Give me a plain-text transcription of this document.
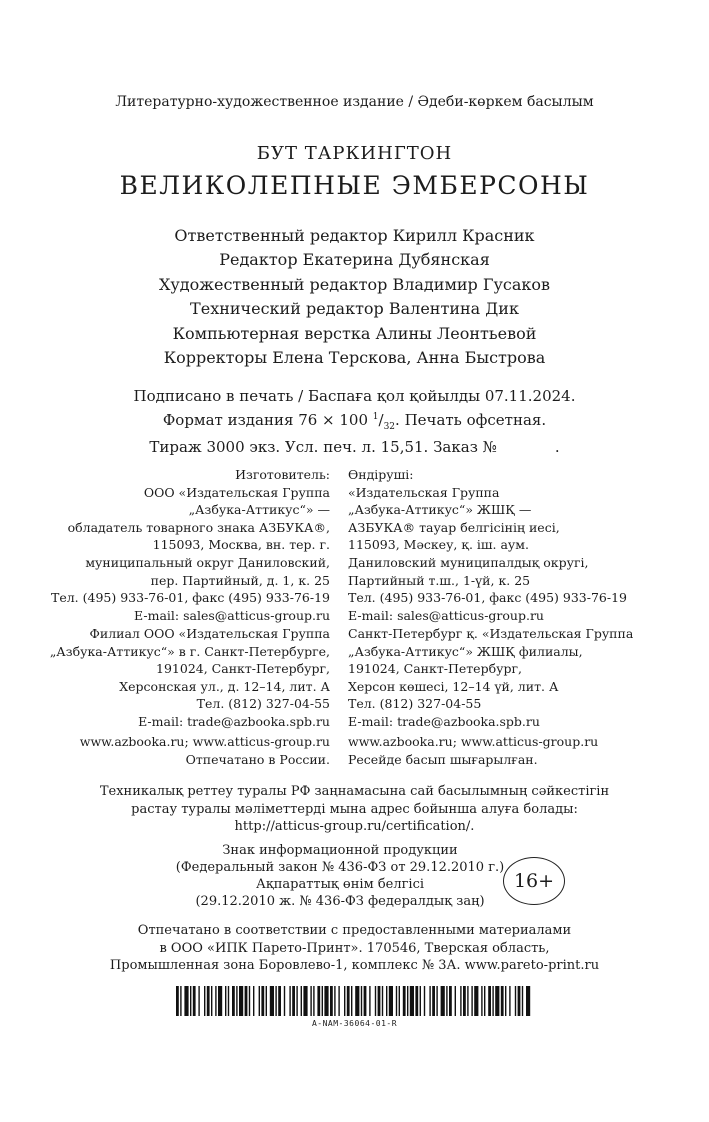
Литературно-художественное издание / Әдеби-көркем басылым
БУТ ТАРКИНГТОН
ВЕЛИКОЛЕПНЫЕ ЭМБЕРСОНЫ
Ответственный редактор Кирилл Красник
Редактор Екатерина Дубянская
Художественный редактор Владимир Гусаков
Технический редактор Валентина Дик
Компьютерная верстка Алины Леонтьевой
Корректоры Елена Терскова, Анна Быстрова
Подписано в печать / Баспаға қол қойылды 07.11.2024.
Формат издания 76 × 100 $^1/_{32}$. Печать офсетная.
Тираж 3000 экз. Усл. печ. л. 15,51. Заказ №	.
Изготовитель:
ООО «Издательская Группа
„Азбука-Аттикус“» —
обладатель товарного знака АЗБУКА®,
115093, Москва, вн. тер. г.
муниципальный округ Даниловский,
пер. Партийный, д. 1, к. 25
Тел. (495) 933-76-01, факс (495) 933-76-19
E-mail: sales@atticus-group.ru
Өндіруші:
«Издательская Группа
„Азбука-Аттикус“» ЖШҚ —
АЗБУКА® тауар белгісінің иесі,
115093, Мәскеу, қ. іш. аум.
Даниловский муниципалдық округі,
Партийный т.ш., 1-үй, к. 25
Тел. (495) 933-76-01, факс (495) 933-76-19
E-mail: sales@atticus-group.ru
Филиал ООО «Издательская Группа
„Азбука-Аттикус“» в г. Санкт-Петербурге,
191024, Санкт-Петербург,
Херсонская ул., д. 12–14, лит. А
Тел. (812) 327-04-55
E-mail: trade@azbooka.spb.ru
Санкт-Петербург қ. «Издательская Группа
„Азбука-Аттикус“» ЖШҚ филиалы,
191024, Санкт-Петербург,
Херсон көшесі, 12–14 үй, лит. А
Тел. (812) 327-04-55
E-mail: trade@azbooka.spb.ru
www.azbooka.ru; www.atticus-group.ru
Отпечатано в России.
www.azbooka.ru; www.atticus-group.ru
Ресейде басып шығарылған.
Техникалық реттеу туралы РФ заңнамасына сай басылымның сәйкестігін
растау туралы мәліметтерді мына адрес бойынша алуға болады:
http://atticus-group.ru/certification/.
Знак информационной продукции
(Федеральный закон № 436-ФЗ от 29.12.2010 г.)
Ақпараттық өнім белгісі
(29.12.2010 ж. № 436-ФЗ федералдық заң)
16+
Отпечатано в соответствии с предоставленными материалами
в ООО «ИПК Парето-Принт». 170546, Тверская область,
Промышленная зона Боровлево-1, комплекс № 3А. www.pareto-print.ru
A-NAM-36064-01-R
